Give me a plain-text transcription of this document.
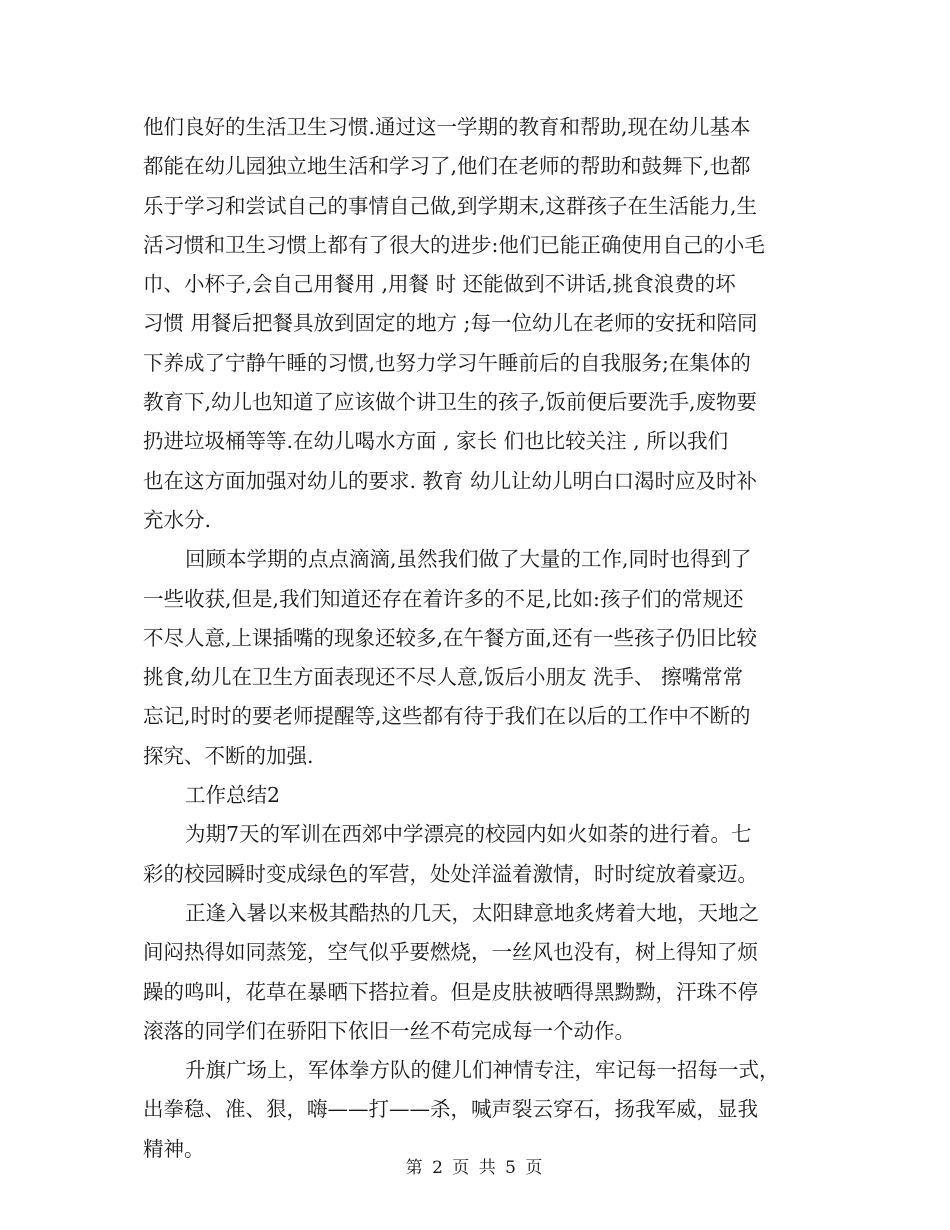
他们良好的生活卫生习惯.通过这一学期的教育和帮助,现在幼儿基本
都能在幼儿园独立地生活和学习了,他们在老师的帮助和鼓舞下,也都
乐于学习和尝试自己的事情自己做,到学期末,这群孩子在生活能力,生
活习惯和卫生习惯上都有了很大的进步:他们已能正确使用自己的小毛
巾、小杯子,会自己用餐用 ,用餐 时 还能做到不讲话,挑食浪费的坏
习惯 用餐后把餐具放到固定的地方 ;每一位幼儿在老师的安抚和陪同
下养成了宁静午睡的习惯,也努力学习午睡前后的自我服务;在集体的
教育下,幼儿也知道了应该做个讲卫生的孩子,饭前便后要洗手,废物要
扔进垃圾桶等等.在幼儿喝水方面 , 家长 们也比较关注 , 所以我们
也在这方面加强对幼儿的要求. 教育 幼儿让幼儿明白口渴时应及时补
充水分.
回顾本学期的点点滴滴,虽然我们做了大量的工作,同时也得到了
一些收获,但是,我们知道还存在着许多的不足,比如:孩子们的常规还
不尽人意,上课插嘴的现象还较多,在午餐方面,还有一些孩子仍旧比较
挑食,幼儿在卫生方面表现还不尽人意,饭后小朋友 洗手、 擦嘴常常
忘记,时时的要老师提醒等,这些都有待于我们在以后的工作中不断的
探究、不断的加强.
工作总结2
为期7天的军训在西郊中学漂亮的校园内如火如荼的进行着。七
彩的校园瞬时变成绿色的军营，处处洋溢着激情，时时绽放着豪迈。
正逢入暑以来极其酷热的几天，太阳肆意地炙烤着大地，天地之
间闷热得如同蒸笼，空气似乎要燃烧，一丝风也没有，树上得知了烦
躁的鸣叫，花草在暴晒下搭拉着。但是皮肤被晒得黑黝黝，汗珠不停
滚落的同学们在骄阳下依旧一丝不苟完成每一个动作。
升旗广场上，军体拳方队的健儿们神情专注，牢记每一招每一式，
出拳稳、准、狠，嗨——打——杀，喊声裂云穿石，扬我军威，显我
精神。
第 2 页 共 5 页
